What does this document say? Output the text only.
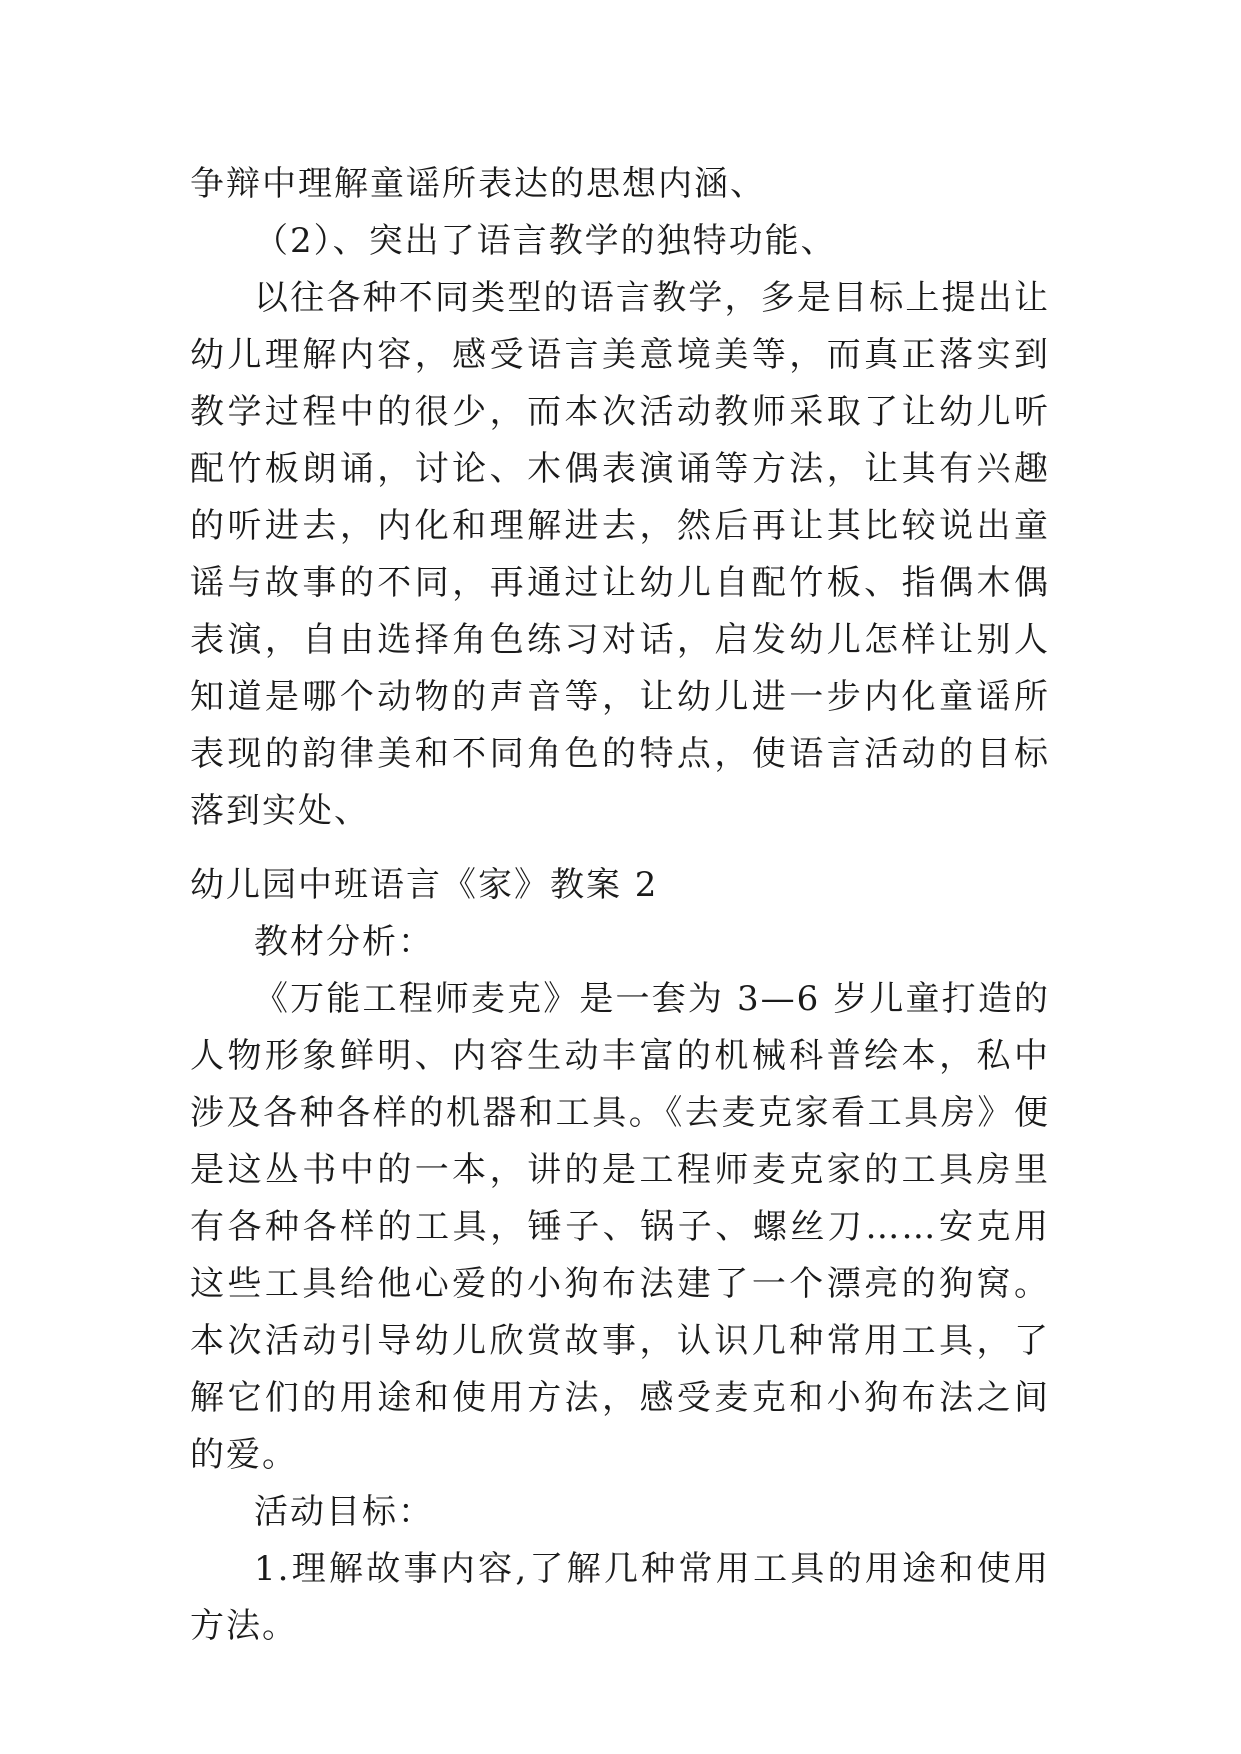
争辩中理解童谣所表达的思想内涵、

（2）、突出了语言教学的独特功能、

以往各种不同类型的语言教学，多是目标上提出让幼儿理解内容，感受语言美意境美等，而真正落实到教学过程中的很少，而本次活动教师采取了让幼儿听配竹板朗诵，讨论、木偶表演诵等方法，让其有兴趣的听进去，内化和理解进去，然后再让其比较说出童谣与故事的不同，再通过让幼儿自配竹板、指偶木偶表演，自由选择角色练习对话，启发幼儿怎样让别人知道是哪个动物的声音等，让幼儿进一步内化童谣所表现的韵律美和不同角色的特点，使语言活动的目标落到实处、

幼儿园中班语言《家》教案 2

教材分析：

《万能工程师麦克》是一套为 3—6 岁儿童打造的人物形象鲜明、内容生动丰富的机械科普绘本，私中涉及各种各样的机器和工具。《去麦克家看工具房》便是这丛书中的一本，讲的是工程师麦克家的工具房里有各种各样的工具，锤子、锅子、螺丝刀……安克用这些工具给他心爱的小狗布法建了一个漂亮的狗窝。本次活动引导幼儿欣赏故事，认识几种常用工具，了解它们的用途和使用方法，感受麦克和小狗布法之间的爱。

活动目标：

1.理解故事内容,了解几种常用工具的用途和使用方法。
